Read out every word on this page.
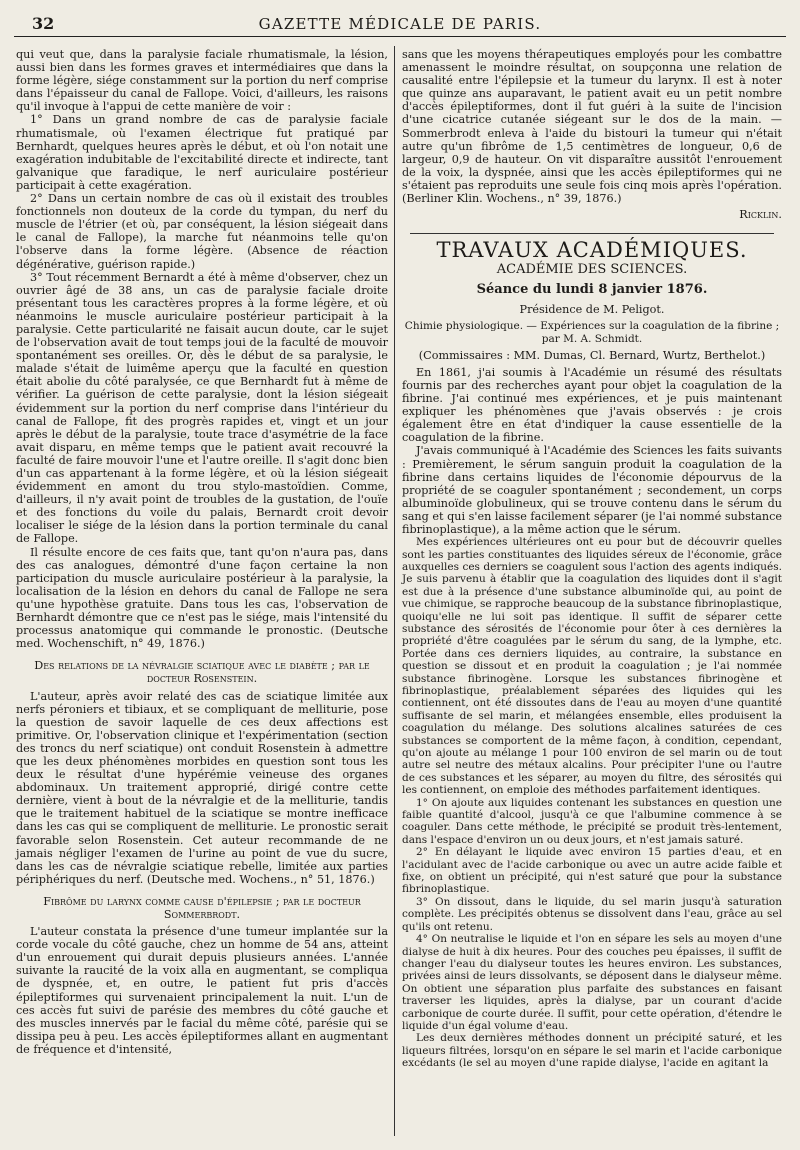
32	GAZETTE MÉDICALE DE PARIS.

qui veut que, dans la paralysie faciale rhumatismale, la lésion, aussi bien dans les formes graves et intermédiaires que dans la forme légère, siége constamment sur la portion du nerf comprise dans l'épaisseur du canal de Fallope. Voici, d'ailleurs, les raisons qu'il invoque à l'appui de cette manière de voir :

1° Dans un grand nombre de cas de paralysie faciale rhumatismale, où l'examen électrique fut pratiqué par Bernhardt, quelques heures après le début, et où l'on notait une exagération indubitable de l'excitabilité directe et indirecte, tant galvanique que faradique, le nerf auriculaire postérieur participait à cette exagération.

2° Dans un certain nombre de cas où il existait des troubles fonctionnels non douteux de la corde du tympan, du nerf du muscle de l'étrier (et où, par conséquent, la lésion siégeait dans le canal de Fallope), la marche fut néanmoins telle qu'on l'observe dans la forme légère. (Absence de réaction dégénérative, guérison rapide.)

3° Tout récemment Bernardt a été à même d'observer, chez un ouvrier âgé de 38 ans, un cas de paralysie faciale droite présentant tous les caractères propres à la forme légère, et où néanmoins le muscle auriculaire postérieur participait à la paralysie. Cette particularité ne faisait aucun doute, car le sujet de l'observation avait de tout temps joui de la faculté de mouvoir spontanément ses oreilles. Or, dès le début de sa paralysie, le malade s'était de luimême aperçu que la faculté en question était abolie du côté paralysée, ce que Bernhardt fut à même de vérifier. La guérison de cette paralysie, dont la lésion siégeait évidemment sur la portion du nerf comprise dans l'intérieur du canal de Fallope, fit des progrès rapides et, vingt et un jour après le début de la paralysie, toute trace d'asymétrie de la face avait disparu, en même temps que le patient avait recouvré la faculté de faire mouvoir l'une et l'autre oreille. Il s'agit donc bien d'un cas appartenant à la forme légère, et où la lésion siégeait évidemment en amont du trou stylo-mastoïdien. Comme, d'ailleurs, il n'y avait point de troubles de la gustation, de l'ouïe et des fonctions du voile du palais, Bernardt croit devoir localiser le siége de la lésion dans la portion terminale du canal de Fallope.

Il résulte encore de ces faits que, tant qu'on n'aura pas, dans des cas analogues, démontré d'une façon certaine la non participation du muscle auriculaire postérieur à la paralysie, la localisation de la lésion en dehors du canal de Fallope ne sera qu'une hypothèse gratuite. Dans tous les cas, l'observation de Bernhardt démontre que ce n'est pas le siége, mais l'intensité du processus anatomique qui commande le pronostic. (Deutsche med. Wochenschift, n° 49, 1876.)

Des relations de la névralgie sciatique avec le diabète ; par le docteur Rosenstein.

L'auteur, après avoir relaté des cas de sciatique limitée aux nerfs péroniers et tibiaux, et se compliquant de melliturie, pose la question de savoir laquelle de ces deux affections est primitive. Or, l'observation clinique et l'expérimentation (section des troncs du nerf sciatique) ont conduit Rosenstein à admettre que les deux phénomènes morbides en question sont tous les deux le résultat d'une hypérémie veineuse des organes abdominaux. Un traitement approprié, dirigé contre cette dernière, vient à bout de la névralgie et de la melliturie, tandis que le traitement habituel de la sciatique se montre inefficace dans les cas qui se compliquent de melliturie. Le pronostic serait favorable selon Rosenstein. Cet auteur recommande de ne jamais négliger l'examen de l'urine au point de vue du sucre, dans les cas de névralgie sciatique rebelle, limitée aux parties périphériques du nerf. (Deutsche med. Wochens., n° 51, 1876.)

Fibrôme du larynx comme cause d'épilepsie ; par le docteur Sommerbrodt.

L'auteur constata la présence d'une tumeur implantée sur la corde vocale du côté gauche, chez un homme de 54 ans, atteint d'un enrouement qui durait depuis plusieurs années. L'année suivante la raucité de la voix alla en augmentant, se compliqua de dyspnée, et, en outre, le patient fut pris d'accès épileptiformes qui survenaient principalement la nuit. L'un de ces accès fut suivi de parésie des membres du côté gauche et des muscles innervés par le facial du même côté, parésie qui se dissipa peu à peu. Les accès épileptiformes allant en augmentant de fréquence et d'intensité,

sans que les moyens thérapeutiques employés pour les combattre amenassent le moindre résultat, on soupçonna une relation de causalité entre l'épilepsie et la tumeur du larynx. Il est à noter que quinze ans auparavant, le patient avait eu un petit nombre d'accès épileptiformes, dont il fut guéri à la suite de l'incision d'une cicatrice cutanée siégeant sur le dos de la main. — Sommerbrodt enleva à l'aide du bistouri la tumeur qui n'était autre qu'un fibrôme de 1,5 centimètres de longueur, 0,6 de largeur, 0,9 de hauteur. On vit disparaître aussitôt l'enrouement de la voix, la dyspnée, ainsi que les accès épileptiformes qui ne s'étaient pas reproduits une seule fois cinq mois après l'opération. (Berliner Klin. Wochens., n° 39, 1876.)

Ricklin.

TRAVAUX ACADÉMIQUES.

ACADÉMIE DES SCIENCES.

Séance du lundi 8 janvier 1876.

Présidence de M. Peligot.

Chimie physiologique. — Expériences sur la coagulation de la fibrine ; par M. A. Schmidt.

(Commissaires : MM. Dumas, Cl. Bernard, Wurtz, Berthelot.)

En 1861, j'ai soumis à l'Académie un résumé des résultats fournis par des recherches ayant pour objet la coagulation de la fibrine. J'ai continué mes expériences, et je puis maintenant expliquer les phénomènes que j'avais observés : je crois également être en état d'indiquer la cause essentielle de la coagulation de la fibrine.

J'avais communiqué à l'Académie des Sciences les faits suivants : Premièrement, le sérum sanguin produit la coagulation de la fibrine dans certains liquides de l'économie dépourvus de la propriété de se coaguler spontanément ; secondement, un corps albuminoïde globulineux, qui se trouve contenu dans le sérum du sang et qui s'en laisse facilement séparer (je l'ai nommé substance fibrinoplastique), a la même action que le sérum.

Mes expériences ultérieures ont eu pour but de découvrir quelles sont les parties constituantes des liquides séreux de l'économie, grâce auxquelles ces derniers se coagulent sous l'action des agents indiqués. Je suis parvenu à établir que la coagulation des liquides dont il s'agit est due à la présence d'une substance albuminoïde qui, au point de vue chimique, se rapproche beaucoup de la substance fibrinoplastique, quoiqu'elle ne lui soit pas identique. Il suffit de séparer cette substance des sérosités de l'économie pour ôter à ces dernières la propriété d'être coagulées par le sérum du sang, de la lymphe, etc. Portée dans ces derniers liquides, au contraire, la substance en question se dissout et en produit la coagulation ; je l'ai nommée substance fibrinogène. Lorsque les substances fibrinogène et fibrinoplastique, préalablement séparées des liquides qui les contiennent, ont été dissoutes dans de l'eau au moyen d'une quantité suffisante de sel marin, et mélangées ensemble, elles produisent la coagulation du mélange. Des solutions alcalines saturées de ces substances se comportent de la même façon, à condition, cependant, qu'on ajoute au mélange 1 pour 100 environ de sel marin ou de tout autre sel neutre des métaux alcalins. Pour précipiter l'une ou l'autre de ces substances et les séparer, au moyen du filtre, des sérosités qui les contiennent, on emploie des méthodes parfaitement identiques.

1° On ajoute aux liquides contenant les substances en question une faible quantité d'alcool, jusqu'à ce que l'albumine commence à se coaguler. Dans cette méthode, le précipité se produit très-lentement, dans l'espace d'environ un ou deux jours, et n'est jamais saturé.

2° En délayant le liquide avec environ 15 parties d'eau, et en l'acidulant avec de l'acide carbonique ou avec un autre acide faible et fixe, on obtient un précipité, qui n'est saturé que pour la substance fibrinoplastique.

3° On dissout, dans le liquide, du sel marin jusqu'à saturation complète. Les précipités obtenus se dissolvent dans l'eau, grâce au sel qu'ils ont retenu.

4° On neutralise le liquide et l'on en sépare les sels au moyen d'une dialyse de huit à dix heures. Pour des couches peu épaisses, il suffit de changer l'eau du dialyseur toutes les heures environ. Les substances, privées ainsi de leurs dissolvants, se déposent dans le dialyseur même. On obtient une séparation plus parfaite des substances en faisant traverser les liquides, après la dialyse, par un courant d'acide carbonique de courte durée. Il suffit, pour cette opération, d'étendre le liquide d'un égal volume d'eau.

Les deux dernières méthodes donnent un précipité saturé, et les liqueurs filtrées, lorsqu'on en sépare le sel marin et l'acide carbonique excédants (le sel au moyen d'une rapide dialyse, l'acide en agitant la
